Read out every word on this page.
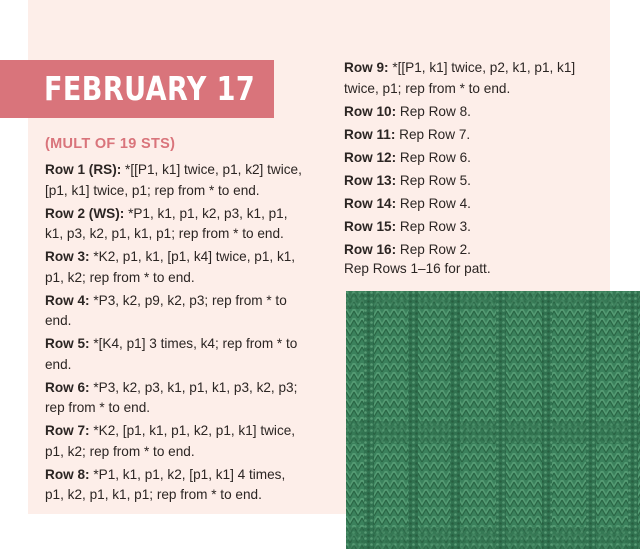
FEBRUARY 17
(MULT OF 19 STS)
Row 1 (RS): *[[P1, k1] twice, p1, k2] twice, [p1, k1] twice, p1; rep from * to end.
Row 2 (WS): *P1, k1, p1, k2, p3, k1, p1, k1, p3, k2, p1, k1, p1; rep from * to end.
Row 3: *K2, p1, k1, [p1, k4] twice, p1, k1, p1, k2; rep from * to end.
Row 4: *P3, k2, p9, k2, p3; rep from * to end.
Row 5: *[K4, p1] 3 times, k4; rep from * to end.
Row 6: *P3, k2, p3, k1, p1, k1, p3, k2, p3; rep from * to end.
Row 7: *K2, [p1, k1, p1, k2, p1, k1] twice, p1, k2; rep from * to end.
Row 8: *P1, k1, p1, k2, [p1, k1] 4 times, p1, k2, p1, k1, p1; rep from * to end.
Row 9: *[[P1, k1] twice, p2, k1, p1, k1] twice, p1; rep from * to end.
Row 10: Rep Row 8.
Row 11: Rep Row 7.
Row 12: Rep Row 6.
Row 13: Rep Row 5.
Row 14: Rep Row 4.
Row 15: Rep Row 3.
Row 16: Rep Row 2.
Rep Rows 1–16 for patt.
